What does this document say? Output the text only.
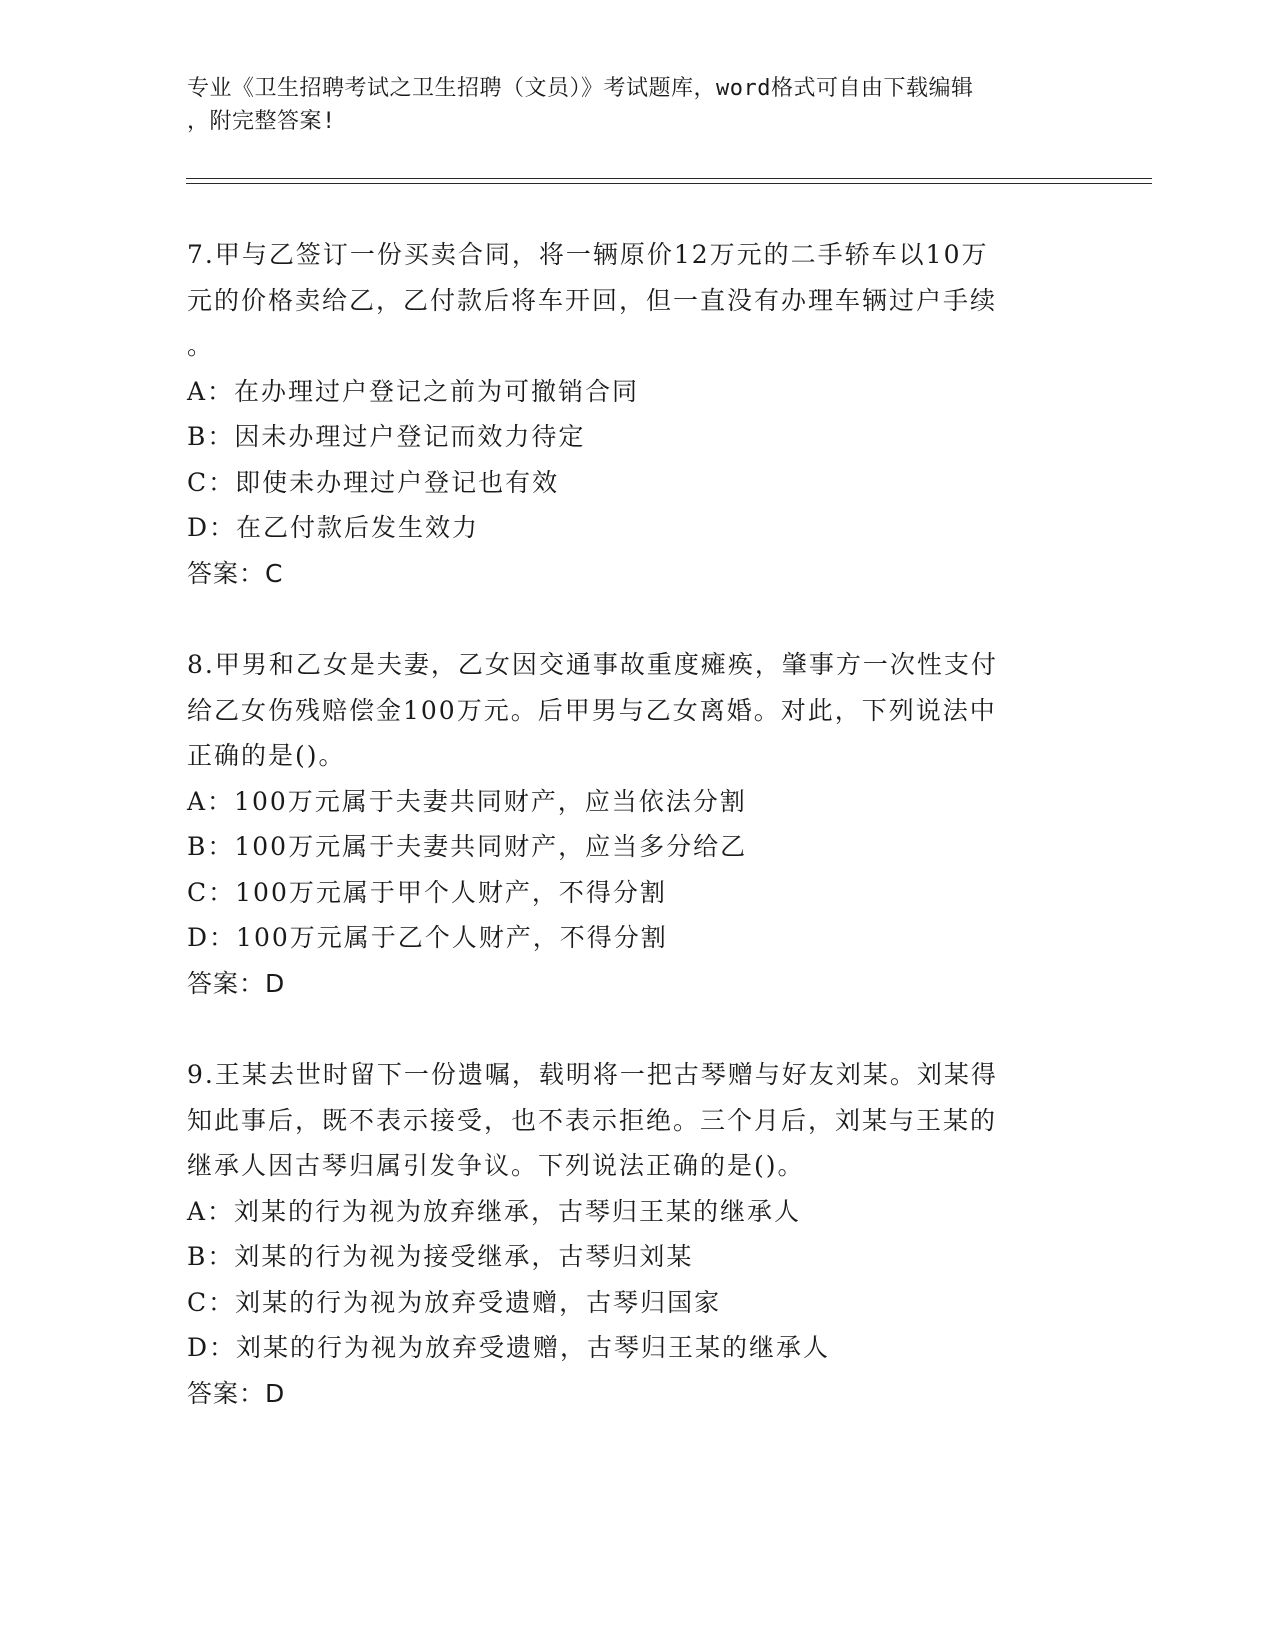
专业《卫生招聘考试之卫生招聘（文员）》考试题库，word格式可自由下载编辑
，附完整答案!
7.甲与乙签订一份买卖合同，将一辆原价12万元的二手轿车以10万
元的价格卖给乙，乙付款后将车开回，但一直没有办理车辆过户手续
。
A：在办理过户登记之前为可撤销合同
B：因未办理过户登记而效力待定
C：即使未办理过户登记也有效
D：在乙付款后发生效力
答案：C
8.甲男和乙女是夫妻，乙女因交通事故重度瘫痪，肇事方一次性支付
给乙女伤残赔偿金100万元。后甲男与乙女离婚。对此，下列说法中
正确的是()。
A：100万元属于夫妻共同财产，应当依法分割
B：100万元属于夫妻共同财产，应当多分给乙
C：100万元属于甲个人财产，不得分割
D：100万元属于乙个人财产，不得分割
答案：D
9.王某去世时留下一份遗嘱，载明将一把古琴赠与好友刘某。刘某得
知此事后，既不表示接受，也不表示拒绝。三个月后，刘某与王某的
继承人因古琴归属引发争议。下列说法正确的是()。
A：刘某的行为视为放弃继承，古琴归王某的继承人
B：刘某的行为视为接受继承，古琴归刘某
C：刘某的行为视为放弃受遗赠，古琴归国家
D：刘某的行为视为放弃受遗赠，古琴归王某的继承人
答案：D
